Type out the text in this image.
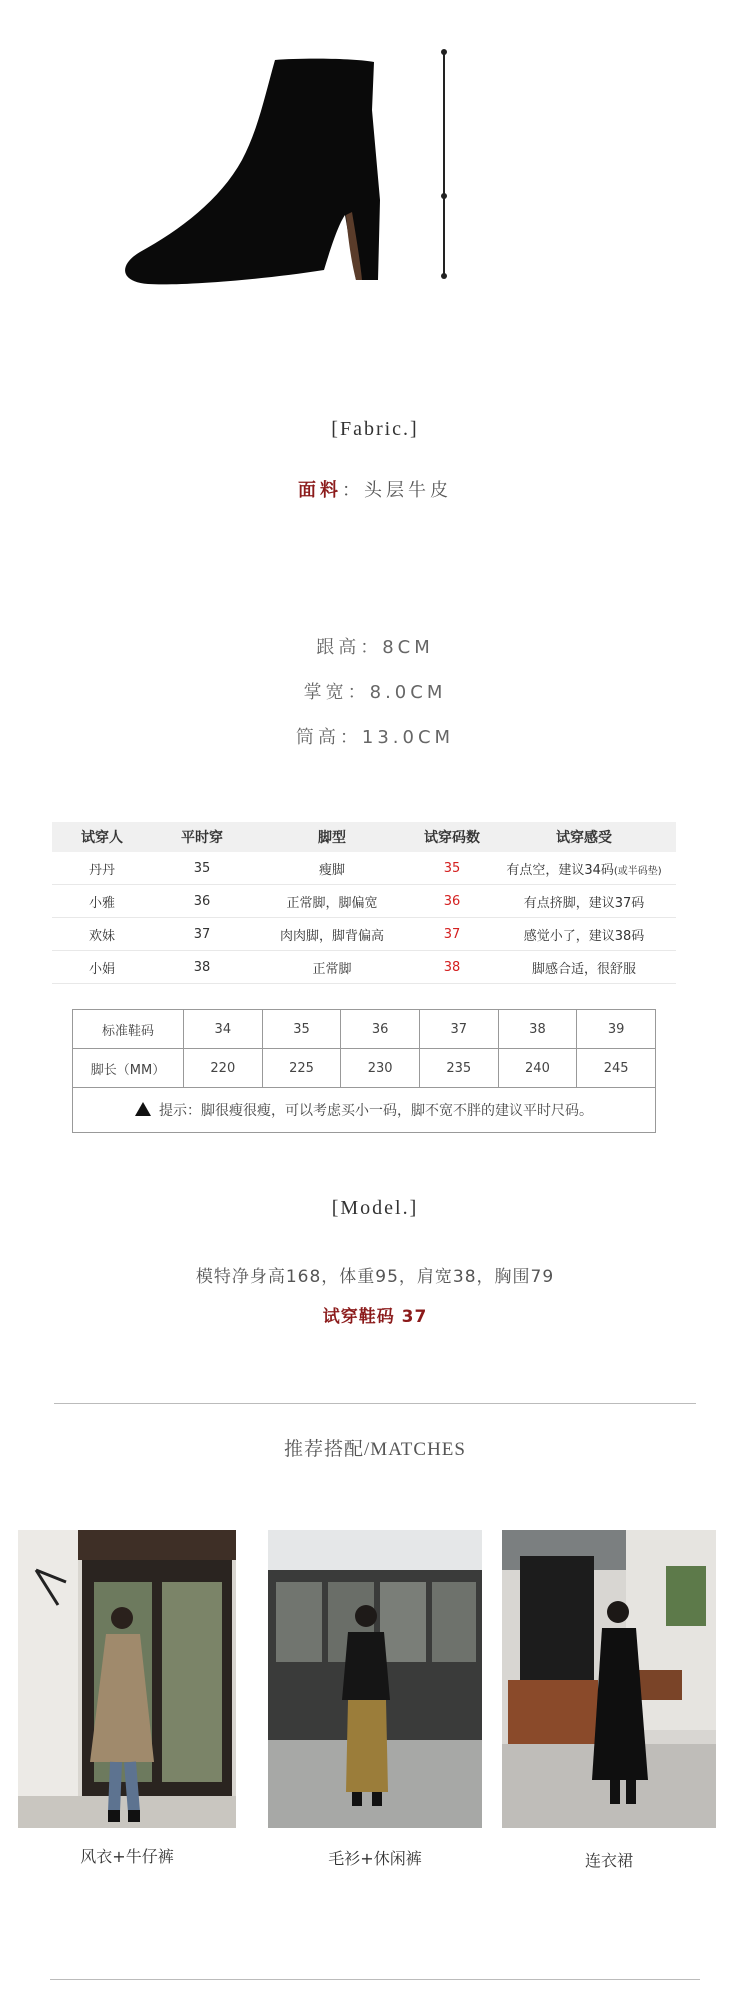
[Fabric.]
面料：头层牛皮
跟高：8CM
掌宽：8.0CM
筒高：13.0CM
试穿人	平时穿	脚型	试穿码数	试穿感受
丹丹	35	瘦脚	35	有点空，建议34码(或半码垫)
小雅	36	正常脚，脚偏宽	36	有点挤脚，建议37码
欢妹	37	肉肉脚，脚背偏高	37	感觉小了，建议38码
小娟	38	正常脚	38	脚感合适，很舒服
标准鞋码	34	35	36	37	38	39
脚长（MM）	220	225	230	235	240	245
提示：脚很瘦很瘦，可以考虑买小一码，脚不宽不胖的建议平时尺码。						
[Model.]
模特净身高168，体重95，肩宽38，胸围79
试穿鞋码 37
推荐搭配/MATCHES
风衣+牛仔裤	毛衫+休闲裤	连衣裙
